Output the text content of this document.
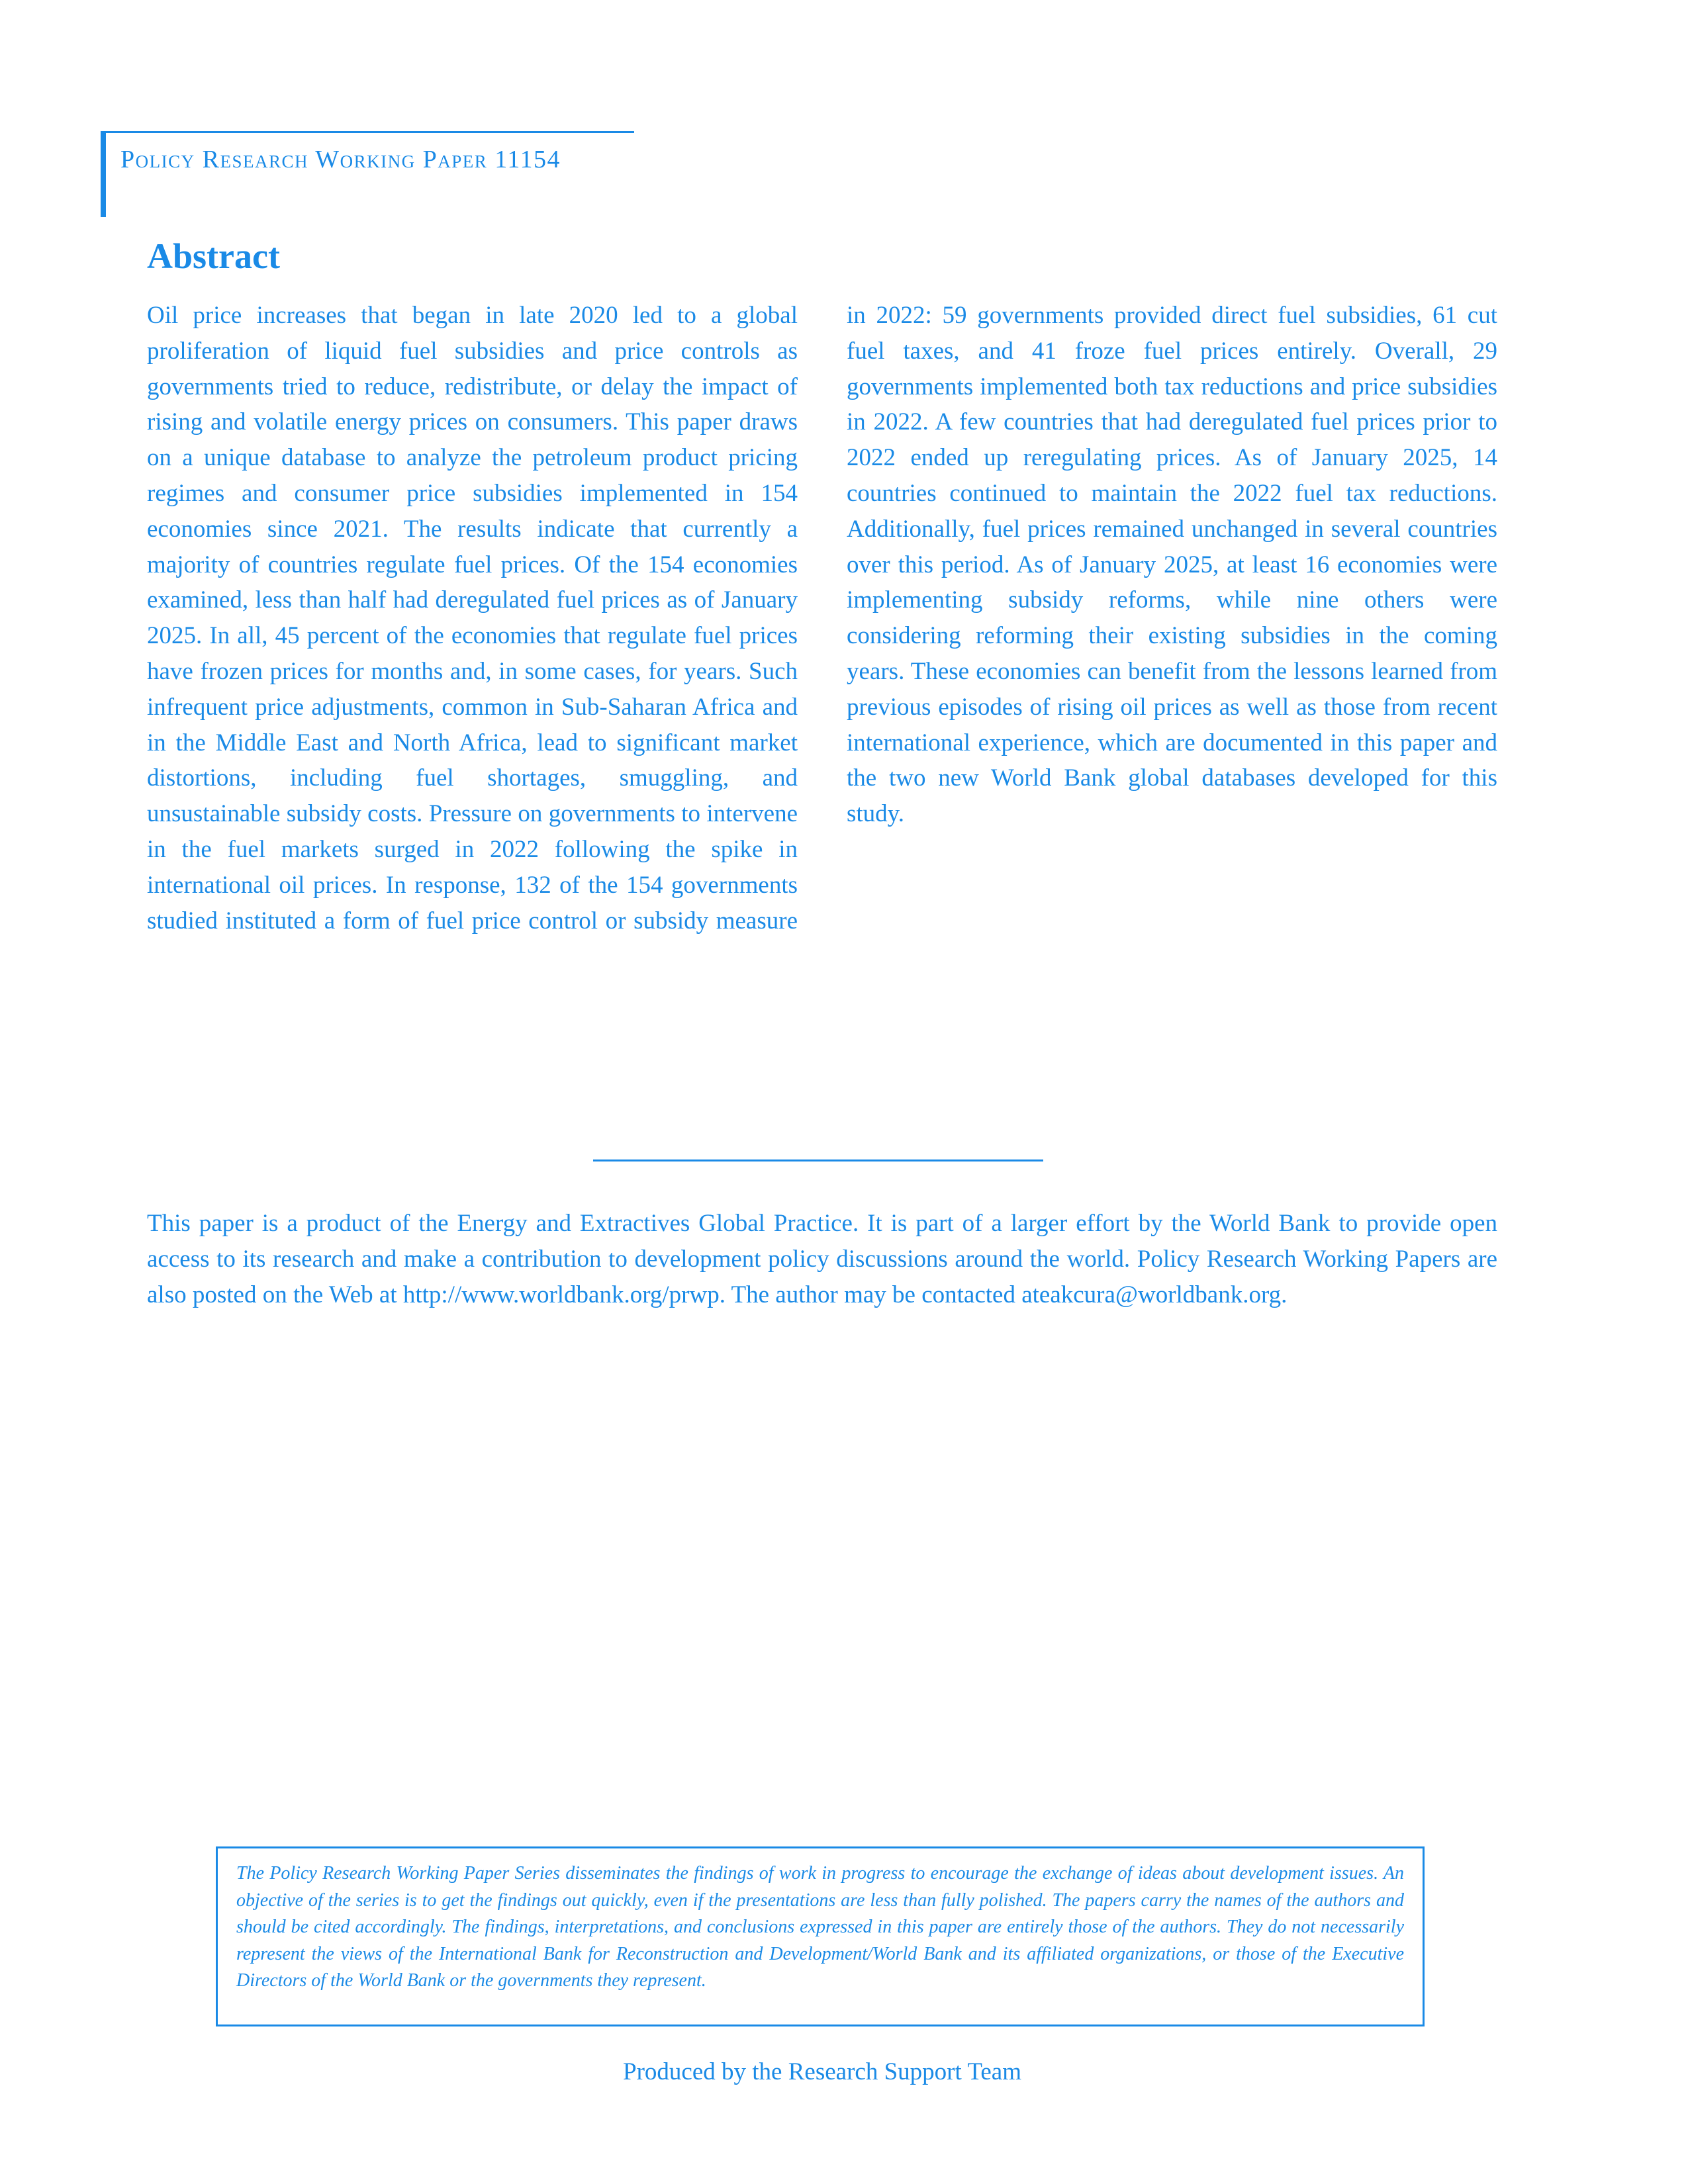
Policy Research Working Paper 11154
Abstract

Oil price increases that began in late 2020 led to a global proliferation of liquid fuel subsidies and price controls as governments tried to reduce, redistribute, or delay the impact of rising and volatile energy prices on consumers. This paper draws on a unique database to analyze the petroleum product pricing regimes and consumer price subsidies implemented in 154 economies since 2021. The results indicate that currently a majority of countries regulate fuel prices. Of the 154 economies examined, less than half had deregulated fuel prices as of January 2025. In all, 45 percent of the economies that regulate fuel prices have frozen prices for months and, in some cases, for years. Such infrequent price adjustments, common in Sub-Saharan Africa and in the Middle East and North Africa, lead to significant market distortions, including fuel shortages, smuggling, and unsustainable subsidy costs. Pressure on governments to intervene in the fuel markets surged in 2022 following the spike in international oil prices. In response, 132 of the 154 governments studied instituted a form of fuel price control or subsidy measure in 2022: 59 governments provided direct fuel subsidies, 61 cut fuel taxes, and 41 froze fuel prices entirely. Overall, 29 governments implemented both tax reductions and price subsidies in 2022. A few countries that had deregulated fuel prices prior to 2022 ended up reregulating prices. As of January 2025, 14 countries continued to maintain the 2022 fuel tax reductions. Additionally, fuel prices remained unchanged in several countries over this period. As of January 2025, at least 16 economies were implementing subsidy reforms, while nine others were considering reforming their existing subsidies in the coming years. These economies can benefit from the lessons learned from previous episodes of rising oil prices as well as those from recent international experience, which are documented in this paper and the two new World Bank global databases developed for this study.

This paper is a product of the Energy and Extractives Global Practice. It is part of a larger effort by the World Bank to provide open access to its research and make a contribution to development policy discussions around the world. Policy Research Working Papers are also posted on the Web at http://www.worldbank.org/prwp. The author may be contacted ateakcura@worldbank.org.

The Policy Research Working Paper Series disseminates the findings of work in progress to encourage the exchange of ideas about development issues. An objective of the series is to get the findings out quickly, even if the presentations are less than fully polished. The papers carry the names of the authors and should be cited accordingly. The findings, interpretations, and conclusions expressed in this paper are entirely those of the authors. They do not necessarily represent the views of the International Bank for Reconstruction and Development/World Bank and its affiliated organizations, or those of the Executive Directors of the World Bank or the governments they represent.

Produced by the Research Support Team
